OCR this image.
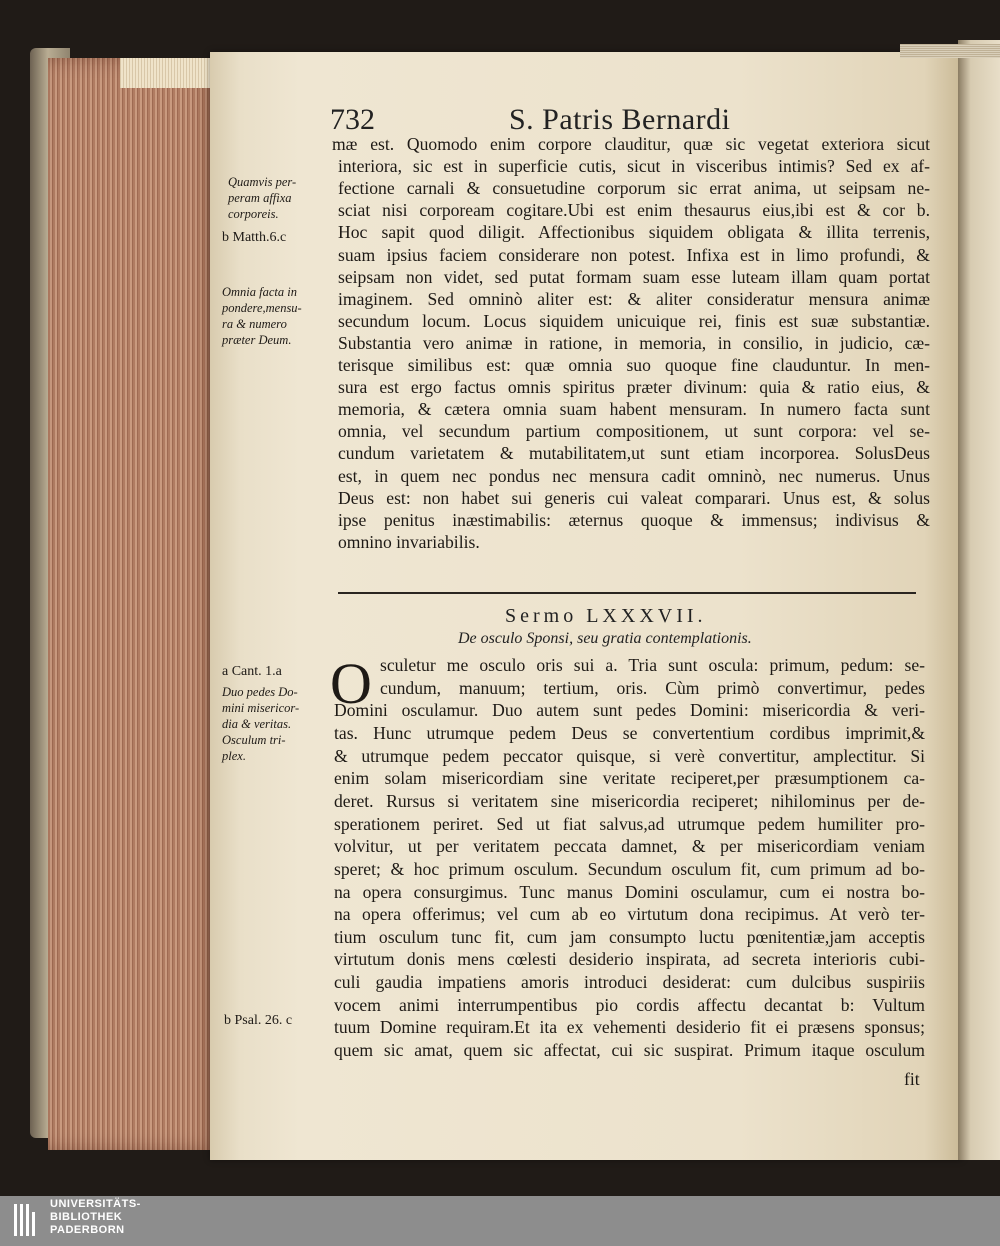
732	S. Patris Bernardi
mæ est. Quomodo enim corpore clauditur, quæ sic vegetat exteriora sicut
interiora, sic est in superficie cutis, sicut in visceribus intimis? Sed ex af-
fectione carnali & consuetudine corporum sic errat anima, ut seipsam ne-
sciat nisi corpoream cogitare.Ubi est enim thesaurus eius,ibi est & cor b.
Hoc sapit quod diligit. Affectionibus siquidem obligata & illita terrenis,
suam ipsius faciem considerare non potest. Infixa est in limo profundi, &
seipsam non videt, sed putat formam suam esse luteam illam quam portat
imaginem. Sed omninò aliter est: & aliter consideratur mensura animæ
secundum locum. Locus siquidem unicuique rei, finis est suæ substantiæ.
Substantia vero animæ in ratione, in memoria, in consilio, in judicio, cæ-
terisque similibus est: quæ omnia suo quoque fine clauduntur. In men-
sura est ergo factus omnis spiritus præter divinum: quia & ratio eius, &
memoria, & cætera omnia suam habent mensuram. In numero facta sunt
omnia, vel secundum partium compositionem, ut sunt corpora: vel se-
cundum varietatem & mutabilitatem,ut sunt etiam incorporea. SolusDeus
est, in quem nec pondus nec mensura cadit omninò, nec numerus. Unus
Deus est: non habet sui generis cui valeat comparari. Unus est, & solus
ipse penitus inæstimabilis: æternus quoque & immensus; indivisus &
omnino invariabilis.
Quamvis per-
peram affixa
corporeis.
b Matth.6.c
Omnia facta in
pondere,mensu-
ra & numero
præter Deum.
a Cant. 1.a
Duo pedes Do-
mini misericor-
dia & veritas.
Osculum tri-
plex.
b Psal. 26. c
Sermo LXXXVII.
De osculo Sponsi, seu gratia contemplationis.
O sculetur me osculo oris sui a. Tria sunt oscula: primum, pedum: se-
cundum, manuum; tertium, oris. Cùm primò convertimur, pedes
Domini osculamur. Duo autem sunt pedes Domini: misericordia & veri-
tas. Hunc utrumque pedem Deus se convertentium cordibus imprimit,&
& utrumque pedem peccator quisque, si verè convertitur, amplectitur. Si
enim solam misericordiam sine veritate reciperet,per præsumptionem ca-
deret. Rursus si veritatem sine misericordia reciperet; nihilominus per de-
sperationem periret. Sed ut fiat salvus,ad utrumque pedem humiliter pro-
volvitur, ut per veritatem peccata damnet, & per misericordiam veniam
speret; & hoc primum osculum. Secundum osculum fit, cum primum ad bo-
na opera consurgimus. Tunc manus Domini osculamur, cum ei nostra bo-
na opera offerimus; vel cum ab eo virtutum dona recipimus. At verò ter-
tium osculum tunc fit, cum jam consumpto luctu pœnitentiæ,jam acceptis
virtutum donis mens cœlesti desiderio inspirata, ad secreta interioris cubi-
culi gaudia impatiens amoris introduci desiderat: cum dulcibus suspiriis
vocem animi interrumpentibus pio cordis affectu decantat b: Vultum
tuum Domine requiram.Et ita ex vehementi desiderio fit ei præsens sponsus;
quem sic amat, quem sic affectat, cui sic suspirat. Primum itaque osculum
fit
UNIVERSITÄTS-
BIBLIOTHEK
PADERBORN
